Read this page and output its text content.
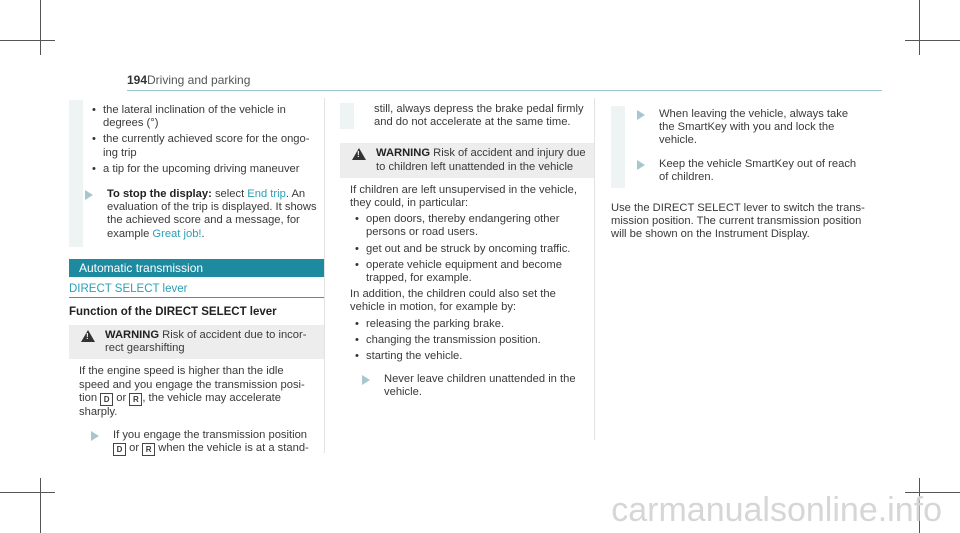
194 Driving and parking
• the lateral inclination of the vehicle in degrees (°)
• the currently achieved score for the ongoing trip
• a tip for the upcoming driving maneuver
To stop the display: select End trip. An evaluation of the trip is displayed. It shows the achieved score and a message, for example Great job!.
Automatic transmission
DIRECT SELECT lever
Function of the DIRECT SELECT lever
!
WARNING Risk of accident due to incorrect gearshifting
If the engine speed is higher than the idle speed and you engage the transmission position D or R , the vehicle may accelerate sharply.
If you engage the transmission position D or R when the vehicle is at a stand-
still, always depress the brake pedal firmly and do not accelerate at the same time.
!
WARNING Risk of accident and injury due to children left unattended in the vehicle
If children are left unsupervised in the vehicle, they could, in particular:
• open doors, thereby endangering other persons or road users.
• get out and be struck by oncoming traffic.
• operate vehicle equipment and become trapped, for example.
In addition, the children could also set the vehicle in motion, for example by:
• releasing the parking brake.
• changing the transmission position.
• starting the vehicle.
Never leave children unattended in the vehicle.
When leaving the vehicle, always take the SmartKey with you and lock the vehicle.
Keep the vehicle SmartKey out of reach of children.
Use the DIRECT SELECT lever to switch the transmission position. The current transmission position will be shown on the Instrument Display.
carmanualsonline.info
